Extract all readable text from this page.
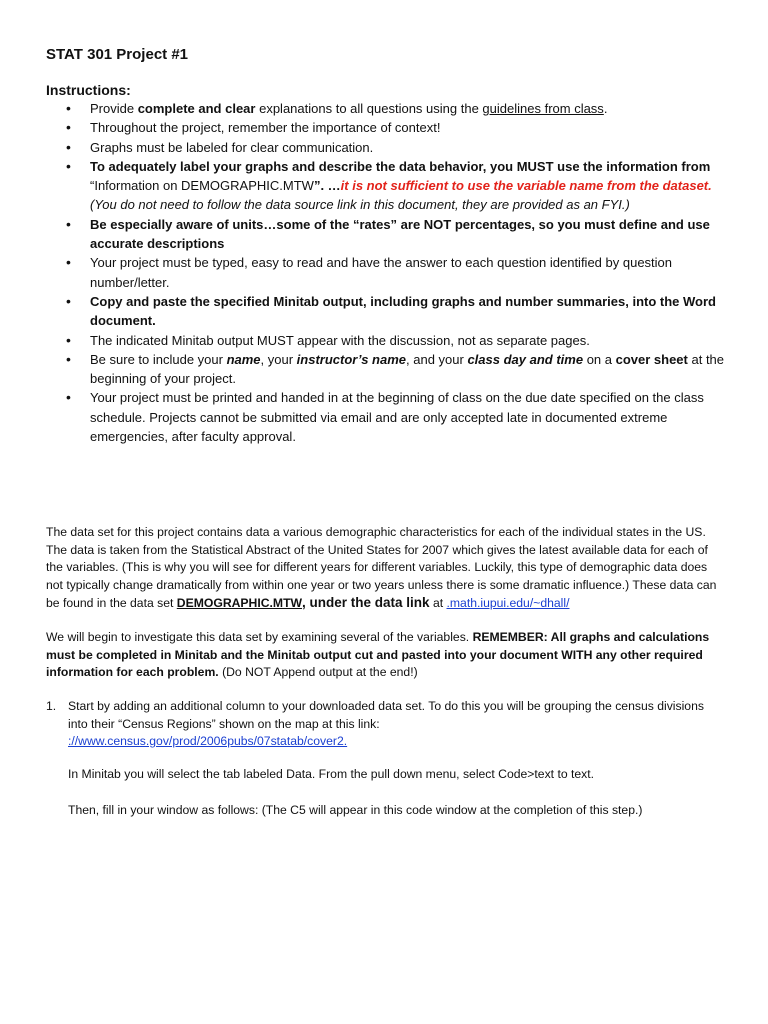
STAT 301 Project #1
Instructions:
• Provide complete and clear explanations to all questions using the guidelines from class.
• Throughout the project, remember the importance of context!
• Graphs must be labeled for clear communication.
• To adequately label your graphs and describe the data behavior, you MUST use the information from “Information on DEMOGRAPHIC.MTW”. …it is not sufficient to use the variable name from the dataset. (You do not need to follow the data source link in this document, they are provided as an FYI.)
• Be especially aware of units…some of the “rates” are NOT percentages, so you must define and use accurate descriptions
• Your project must be typed, easy to read and have the answer to each question identified by question number/letter.
• Copy and paste the specified Minitab output, including graphs and number summaries, into the Word document.
• The indicated Minitab output MUST appear with the discussion, not as separate pages.
• Be sure to include your name, your instructor’s name, and your class day and time on a cover sheet at the beginning of your project.
• Your project must be printed and handed in at the beginning of class on the due date specified on the class schedule. Projects cannot be submitted via email and are only accepted late in documented extreme emergencies, after faculty approval.
The data set for this project contains data a various demographic characteristics for each of the individual states in the US. The data is taken from the Statistical Abstract of the United States for 2007 which gives the latest available data for each of the variables. (This is why you will see for different years for different variables. Luckily, this type of demographic data does not typically change dramatically from within one year or two years unless there is some dramatic influence.) These data can be found in the data set DEMOGRAPHIC.MTW, under the data link at .math.iupui.edu/~dhall/
We will begin to investigate this data set by examining several of the variables. REMEMBER: All graphs and calculations must be completed in Minitab and the Minitab output cut and pasted into your document WITH any other required information for each problem. (Do NOT Append output at the end!)
1. Start by adding an additional column to your downloaded data set. To do this you will be grouping the census divisions into their “Census Regions” shown on the map at this link:
://www.census.gov/prod/2006pubs/07statab/cover2.
In Minitab you will select the tab labeled Data. From the pull down menu, select Code>text to text.
Then, fill in your window as follows: (The C5 will appear in this code window at the completion of this step.)
